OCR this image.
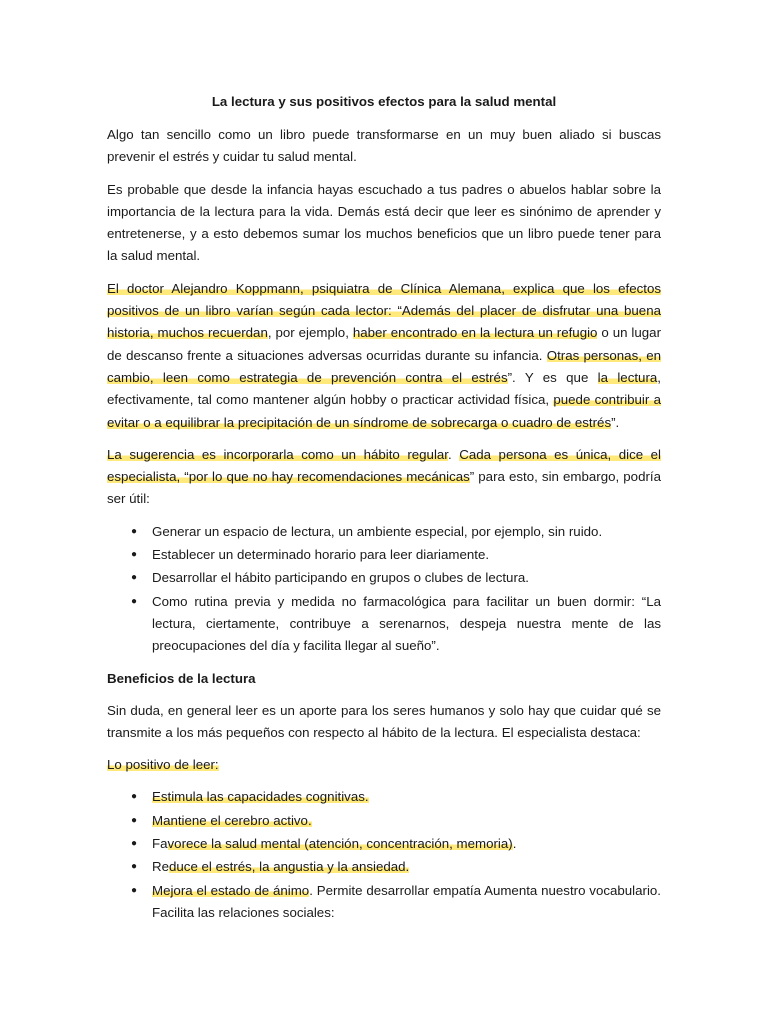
La lectura y sus positivos efectos para la salud mental

Algo tan sencillo como un libro puede transformarse en un muy buen aliado si buscas prevenir el estrés y cuidar tu salud mental.

Es probable que desde la infancia hayas escuchado a tus padres o abuelos hablar sobre la importancia de la lectura para la vida. Demás está decir que leer es sinónimo de aprender y entretenerse, y a esto debemos sumar los muchos beneficios que un libro puede tener para la salud mental.

El doctor Alejandro Koppmann, psiquiatra de Clínica Alemana, explica que los efectos positivos de un libro varían según cada lector: “Además del placer de disfrutar una buena historia, muchos recuerdan, por ejemplo, haber encontrado en la lectura un refugio o un lugar de descanso frente a situaciones adversas ocurridas durante su infancia. Otras personas, en cambio, leen como estrategia de prevención contra el estrés”. Y es que la lectura, efectivamente, tal como mantener algún hobby o practicar actividad física, puede contribuir a evitar o a equilibrar la precipitación de un síndrome de sobrecarga o cuadro de estrés”.

La sugerencia es incorporarla como un hábito regular. Cada persona es única, dice el especialista, “por lo que no hay recomendaciones mecánicas” para esto, sin embargo, podría ser útil:

● Generar un espacio de lectura, un ambiente especial, por ejemplo, sin ruido.
● Establecer un determinado horario para leer diariamente.
● Desarrollar el hábito participando en grupos o clubes de lectura.
● Como rutina previa y medida no farmacológica para facilitar un buen dormir: “La lectura, ciertamente, contribuye a serenarnos, despeja nuestra mente de las preocupaciones del día y facilita llegar al sueño”.
Beneficios de la lectura

Sin duda, en general leer es un aporte para los seres humanos y solo hay que cuidar qué se transmite a los más pequeños con respecto al hábito de la lectura. El especialista destaca:

Lo positivo de leer:

● Estimula las capacidades cognitivas.
● Mantiene el cerebro activo.
● Favorece la salud mental (atención, concentración, memoria).
● Reduce el estrés, la angustia y la ansiedad.
● Mejora el estado de ánimo. Permite desarrollar empatía Aumenta nuestro vocabulario. Facilita las relaciones sociales:
